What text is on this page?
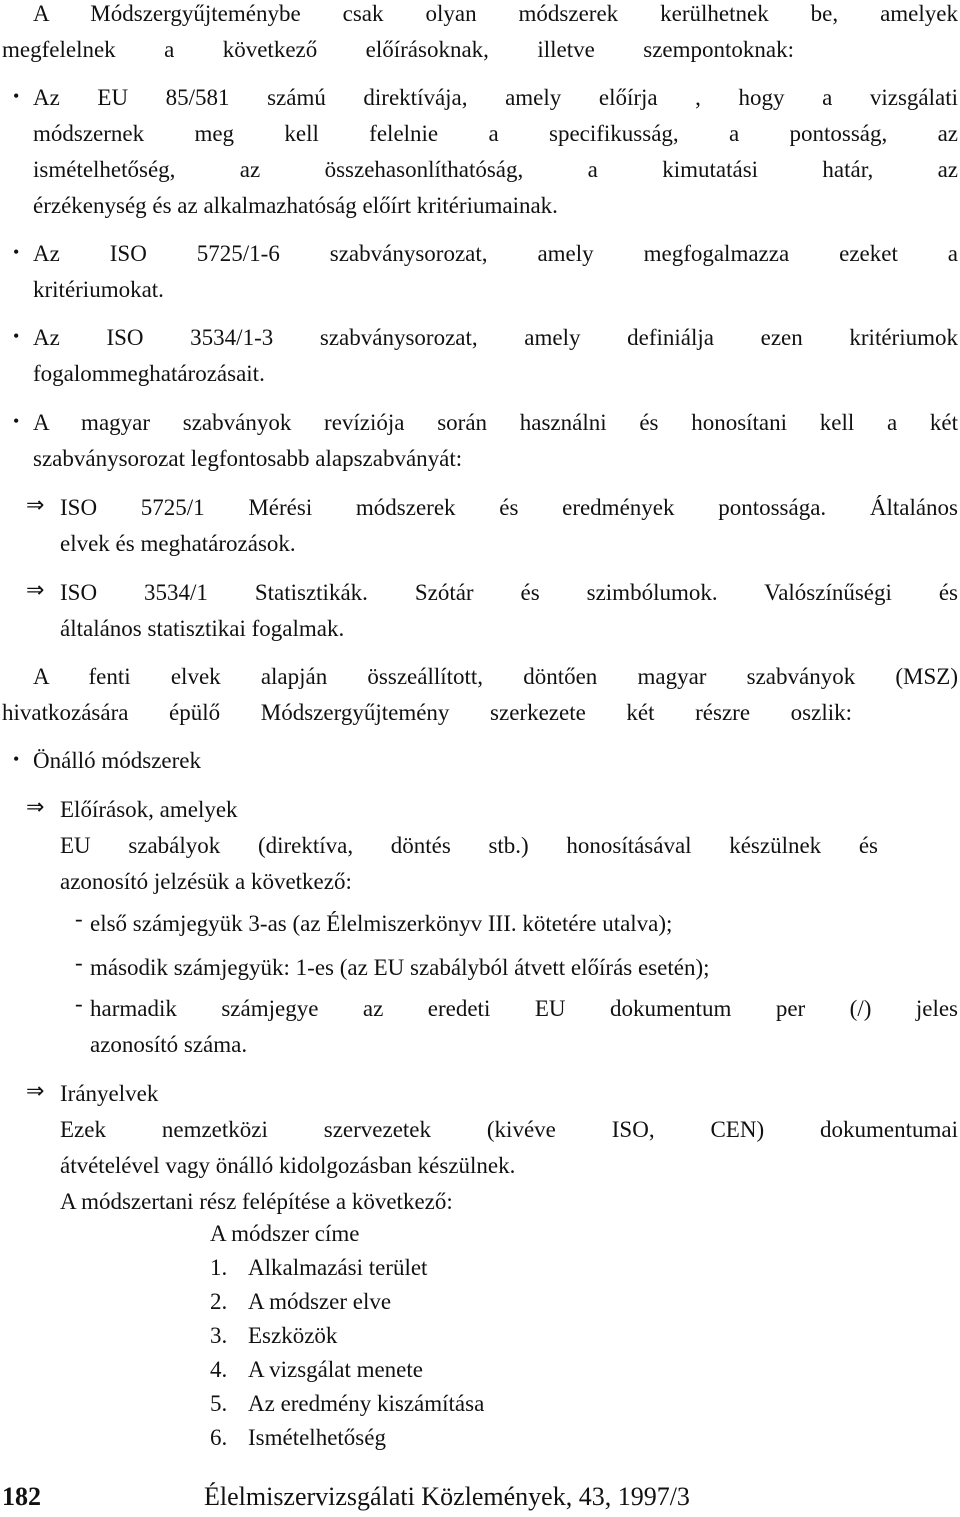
A Módszergyűjteménybe csak olyan módszerek kerülhetnek be, amelyek
megfelelnek a következő előírásoknak, illetve szempontoknak:
• Az EU 85/581 számú direktívája, amely előírja , hogy a vizsgálati
módszernek meg kell felelnie a specifikusság, a pontosság, az
ismételhetőség, az összehasonlíthatóság, a kimutatási határ, az
érzékenység és az alkalmazhatóság előírt kritériumainak.
• Az ISO 5725/1-6 szabványsorozat, amely megfogalmazza ezeket a
kritériumokat.
• Az ISO 3534/1-3 szabványsorozat, amely definiálja ezen kritériumok
fogalommeghatározásait.
• A magyar szabványok revíziója során használni és honosítani kell a két
szabványsorozat legfontosabb alapszabványát:
⇒ ISO 5725/1 Mérési módszerek és eredmények pontossága. Általános
elvek és meghatározások.
⇒ ISO 3534/1 Statisztikák. Szótár és szimbólumok. Valószínűségi és
általános statisztikai fogalmak.
A fenti elvek alapján összeállított, döntően magyar szabványok (MSZ)
hivatkozására épülő Módszergyűjtemény szerkezete két részre oszlik:
• Önálló módszerek
⇒ Előírások, amelyek
EU szabályok (direktíva, döntés stb.) honosításával készülnek és
azonosító jelzésük a következő:
- első számjegyük 3-as (az Élelmiszerkönyv III. kötetére utalva);
- második számjegyük: 1-es (az EU szabályból átvett előírás esetén);
- harmadik számjegye az eredeti EU dokumentum per (/) jeles
azonosító száma.
⇒ Irányelvek
Ezek nemzetközi szervezetek (kivéve ISO, CEN) dokumentumai
átvételével vagy önálló kidolgozásban készülnek.
A módszertani rész felépítése a következő:
A módszer címe
1. Alkalmazási terület
2. A módszer elve
3. Eszközök
4. A vizsgálat menete
5. Az eredmény kiszámítása
6. Ismételhetőség
182	Élelmiszervizsgálati Közlemények, 43, 1997/3
